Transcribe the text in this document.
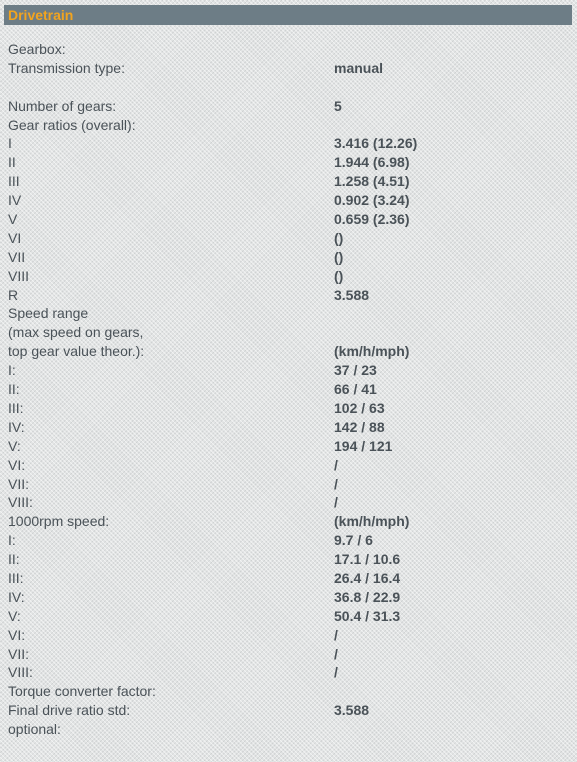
Drivetrain
Gearbox:
Transmission type:	manual
Number of gears:	5
Gear ratios (overall):
I	3.416 (12.26)
II	1.944 (6.98)
III	1.258 (4.51)
IV	0.902 (3.24)
V	0.659 (2.36)
VI	()
VII	()
VIII	()
R	3.588
Speed range
(max speed on gears,
top gear value theor.):	(km/h/mph)
I:	37 / 23
II:	66 / 41
III:	102 / 63
IV:	142 / 88
V:	194 / 121
VI:	/
VII:	/
VIII:	/
1000rpm speed:	(km/h/mph)
I:	9.7 / 6
II:	17.1 / 10.6
III:	26.4 / 16.4
IV:	36.8 / 22.9
V:	50.4 / 31.3
VI:	/
VII:	/
VIII:	/
Torque converter factor:
Final drive ratio std:	3.588
optional:
